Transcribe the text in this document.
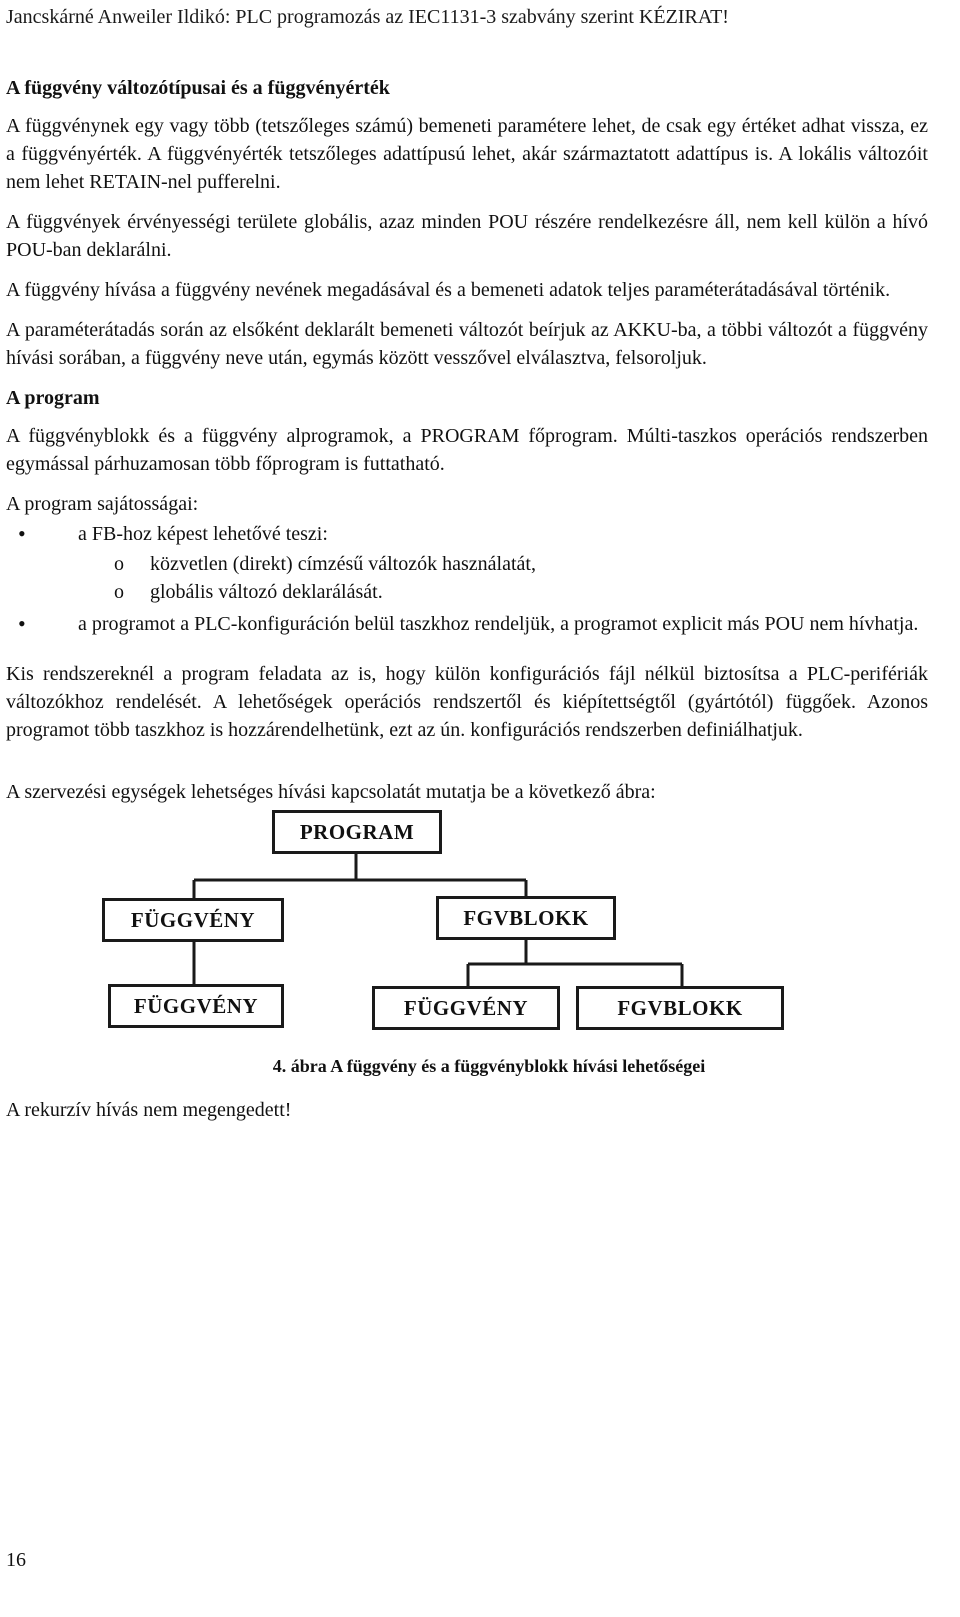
Jancskárné Anweiler Ildikó: PLC programozás az IEC1131-3 szabvány szerint KÉZIRAT!
A függvény változótípusai és a függvényérték

A függvénynek egy vagy több (tetszőleges számú) bemeneti paramétere lehet, de csak egy értéket adhat vissza, ez a függvényérték. A függvényérték tetszőleges adattípusú lehet, akár származtatott adattípus is. A lokális változóit nem lehet RETAIN-nel pufferelni.

A függvények érvényességi területe globális, azaz minden POU részére rendelkezésre áll, nem kell külön a hívó POU-ban deklarálni.

A függvény hívása a függvény nevének megadásával és a bemeneti adatok teljes paraméterátadásával történik.

A paraméterátadás során az elsőként deklarált bemeneti változót beírjuk az AKKU-ba, a többi változót a függvény hívási sorában, a függvény neve után, egymás között vesszővel elválasztva, felsoroljuk.

A program

A függvényblokk és a függvény alprogramok, a PROGRAM főprogram. Múlti-taszkos operációs rendszerben egymással párhuzamosan több főprogram is futtatható.

A program sajátosságai:

• a FB-hoz képest lehetővé teszi:
o	közvetlen (direkt) címzésű változók használatát,
o	globális változó deklarálását.
• a programot a PLC-konfiguráción belül taszkhoz rendeljük, a programot explicit más POU nem hívhatja.

Kis rendszereknél a program feladata az is, hogy külön konfigurációs fájl nélkül biztosítsa a PLC-perifériák változókhoz rendelését. A lehetőségek operációs rendszertől és kiépítettségtől (gyártótól) függőek. Azonos programot több taszkhoz is hozzárendelhetünk, ezt az ún. konfigurációs rendszerben definiálhatjuk.

A szervezési egységek lehetséges hívási kapcsolatát mutatja be a következő ábra:

PROGRAM
FÜGGVÉNY	FGVBLOKK
FÜGGVÉNY	FÜGGVÉNY	FGVBLOKK
4. ábra A függvény és a függvényblokk hívási lehetőségei

A rekurzív hívás nem megengedett!

16
